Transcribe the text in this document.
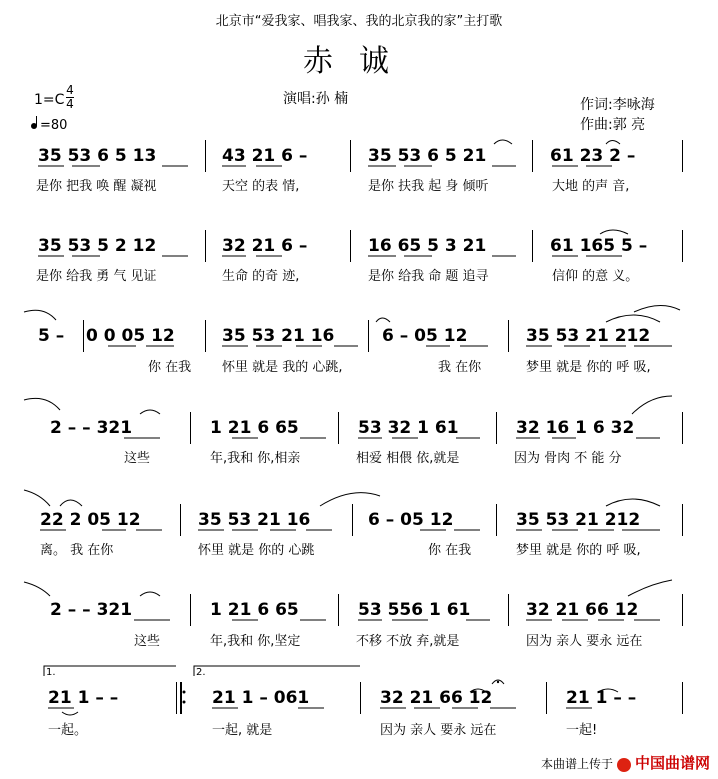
北京市“爱我家、唱我家、我的北京我的家”主打歌
赤诚
1=C
4
4
=80
演唱:孙 楠	作词:李咏海
作曲:郭 亮
35 53 6 5 13	43 21 6 –	35 53 6 5 21	61 23 2 –
是你 把我 唤 醒 凝视	天空 的表 情,	是你 扶我 起 身 倾听	大地 的声 音,
35 53 5 2 12	32 21 6 –	16 65 5 3 21	61 165 5 –
是你 给我 勇 气 见证	生命 的奇 迹,	是你 给我 命 题 追寻	信仰 的意 义。
5 – 0 0 05 12	35 53 21 16	6 – 05 12	35 53 21 212
你 在我 怀里 就是 我的 心跳,	我 在你	梦里 就是 你的 呼 吸,
2 – – 321	1 21 6 65	53 32 1 61	32 16 1 6 32
这些	年,我和 你,相亲	相爱 相偎 依,就是	因为 骨肉 不 能 分
22 2 05 12	35 53 21 16	6 – 05 12	35 53 21 212
离。 我 在你	怀里 就是 你的 心跳	你 在我	梦里 就是 你的 呼 吸,
2 – – 321	1 21 6 65	53 556 1 61	32 21 66 12
这些	年,我和 你,坚定	不移 不放 弃,就是	因为 亲人 要永 远在
1.	2.
21 1 – –	21 1 – 061	32 21 66 12	21 1 – –
一起。	一起, 就是	因为 亲人 要永 远在	一起!
本曲谱上传于 中国曲谱网
